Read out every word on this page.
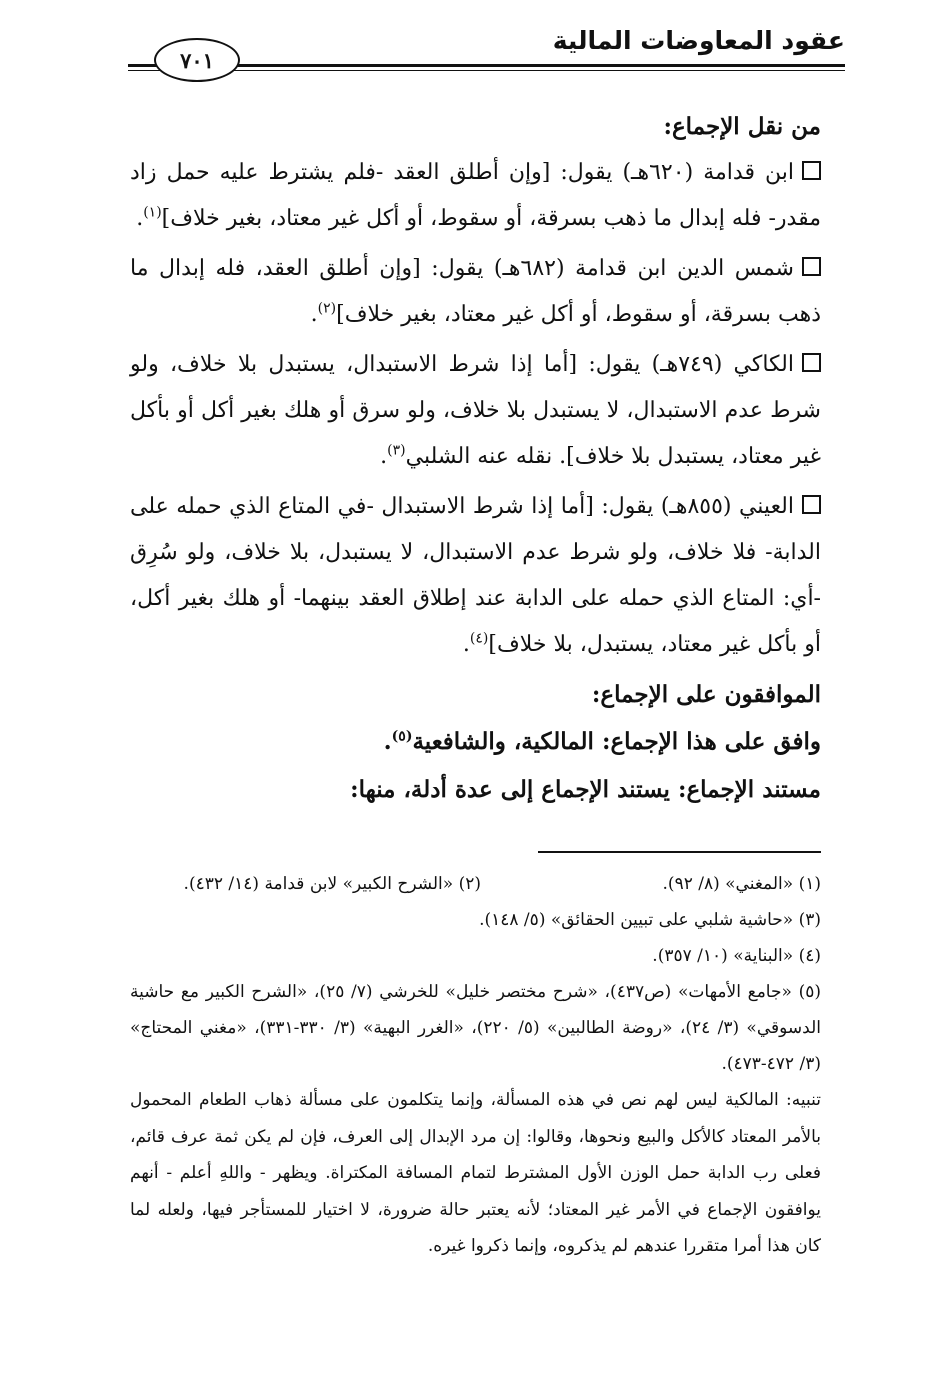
عقود المعاوضات المالية
٧٠١

من نقل الإجماع:

ابن قدامة (٦٢٠هـ) يقول: [وإن أطلق العقد -فلم يشترط عليه حمل زاد مقدر- فله إبدال ما ذهب بسرقة، أو سقوط، أو أكل غير معتاد، بغير خلاف]$^{(١)}$.

شمس الدين ابن قدامة (٦٨٢هـ) يقول: [وإن أطلق العقد، فله إبدال ما ذهب بسرقة، أو سقوط، أو أكل غير معتاد، بغير خلاف]$^{(٢)}$.

الكاكي (٧٤٩هـ) يقول: [أما إذا شرط الاستبدال، يستبدل بلا خلاف، ولو شرط عدم الاستبدال، لا يستبدل بلا خلاف، ولو سرق أو هلك بغير أكل أو بأكل غير معتاد، يستبدل بلا خلاف]. نقله عنه الشلبي$^{(٣)}$.

العيني (٨٥٥هـ) يقول: [أما إذا شرط الاستبدال -في المتاع الذي حمله على الدابة- فلا خلاف، ولو شرط عدم الاستبدال، لا يستبدل، بلا خلاف، ولو سُرِق -أي: المتاع الذي حمله على الدابة عند إطلاق العقد بينهما- أو هلك بغير أكل، أو بأكل غير معتاد، يستبدل، بلا خلاف]$^{(٤)}$.

الموافقون على الإجماع:

وافق على هذا الإجماع: المالكية، والشافعية$^{(٥)}$.

مستند الإجماع: يستند الإجماع إلى عدة أدلة، منها:

(١) «المغني» (٨/ ٩٢).
(٢) «الشرح الكبير» لابن قدامة (١٤/ ٤٣٢).

(٣) «حاشية شلبي على تبيين الحقائق» (٥/ ١٤٨).

(٤) «البناية» (١٠/ ٣٥٧).

(٥) «جامع الأمهات» (ص٤٣٧)، «شرح مختصر خليل» للخرشي (٧/ ٢٥)، «الشرح الكبير مع حاشية الدسوقي» (٣/ ٢٤)، «روضة الطالبين» (٥/ ٢٢٠)، «الغرر البهية» (٣/ ٣٣٠-٣٣١)، «مغني المحتاج» (٣/ ٤٧٢-٤٧٣).

تنبيه: المالكية ليس لهم نص في هذه المسألة، وإنما يتكلمون على مسألة ذهاب الطعام المحمول بالأمر المعتاد كالأكل والبيع ونحوها، وقالوا: إن مرد الإبدال إلى العرف، فإن لم يكن ثمة عرف قائم، فعلى رب الدابة حمل الوزن الأول المشترط لتمام المسافة المكتراة. ويظهر - واللهِ أعلم - أنهم يوافقون الإجماع في الأمر غير المعتاد؛ لأنه يعتبر حالة ضرورة، لا اختيار للمستأجر فيها، ولعله لما كان هذا أمرا متقررا عندهم لم يذكروه، وإنما ذكروا غيره.
